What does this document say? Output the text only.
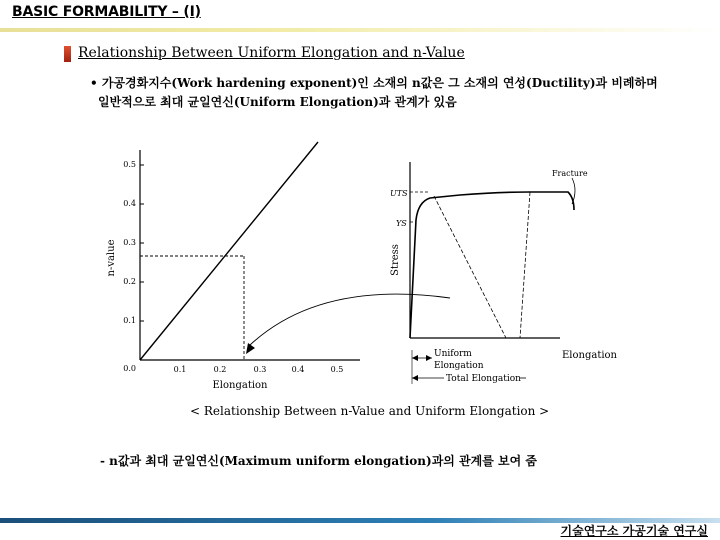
BASIC FORMABILITY – (I)
Relationship Between Uniform Elongation and n-Value
• 가공경화지수(Work hardening exponent)인 소재의 n값은 그 소재의 연성(Ductility)과 비례하며
일반적으로 최대 균일연신(Uniform Elongation)과 관계가 있음
0.5
0.4
0.3
0.2
0.1
0.0	0.1	0.2	0.3	0.4	0.5
n-value
Elongation
Stress
Elongation
UTS
YS
Fracture
Uniform
Elongation
Total Elongation
< Relationship Between n-Value and Uniform Elongation >
- n값과 최대 균일연신(Maximum uniform elongation)과의 관계를 보여 줌
기술연구소 가공기술 연구실
